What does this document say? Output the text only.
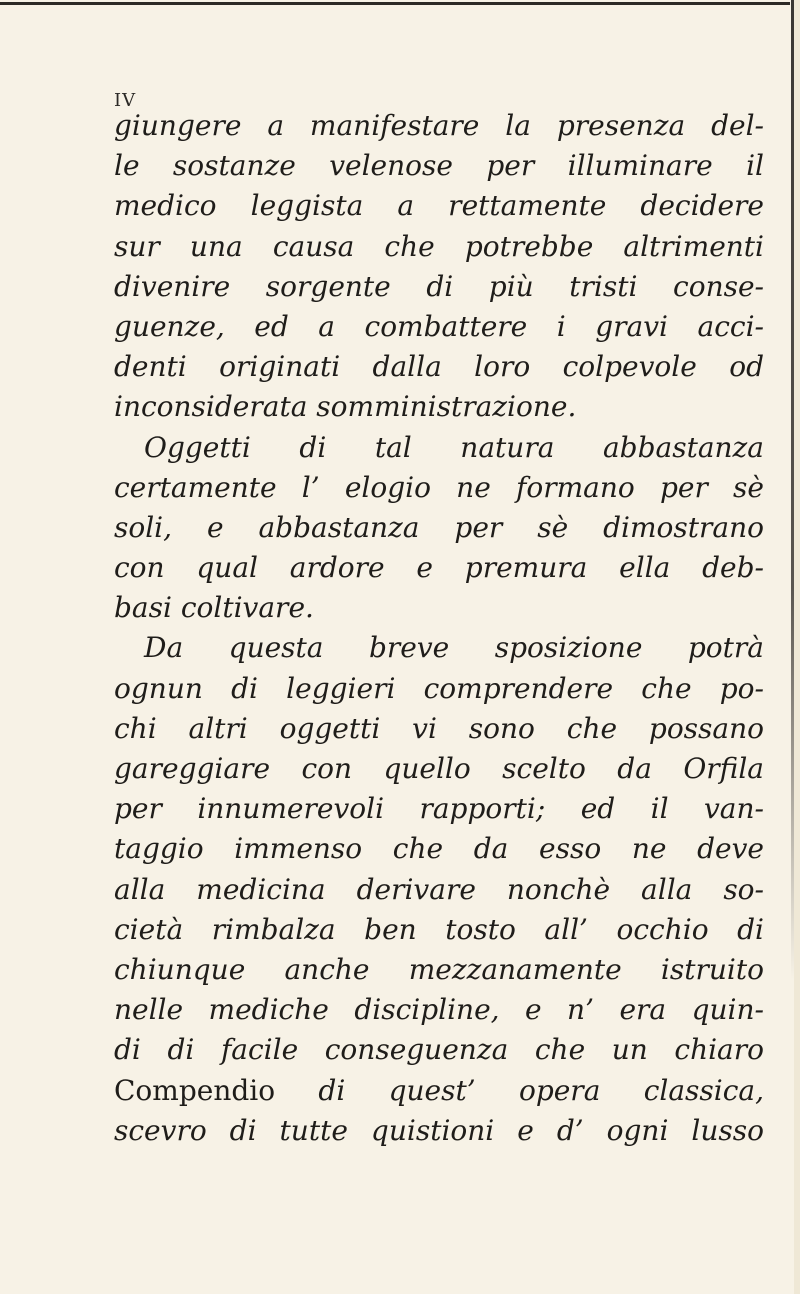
IV
giungere a manifestare la presenza del-
le sostanze velenose per illuminare il
medico leggista a rettamente decidere
sur una causa che potrebbe altrimenti
divenire sorgente di più tristi conse-
guenze, ed a combattere i gravi acci-
denti originati dalla loro colpevole od
inconsiderata somministrazione.
Oggetti di tal natura abbastanza
certamente l’ elogio ne formano per sè
soli, e abbastanza per sè dimostrano
con qual ardore e premura ella deb-
basi coltivare.
Da questa breve sposizione potrà
ognun di leggieri comprendere che po-
chi altri oggetti vi sono che possano
gareggiare con quello scelto da Orfila
per innumerevoli rapporti; ed il van-
taggio immenso che da esso ne deve
alla medicina derivare nonchè alla so-
cietà rimbalza ben tosto all’ occhio di
chiunque anche mezzanamente istruito
nelle mediche discipline, e n’ era quin-
di di facile conseguenza che un chiaro
Compendio di quest’ opera classica,
scevro di tutte quistioni e d’ ogni lusso
